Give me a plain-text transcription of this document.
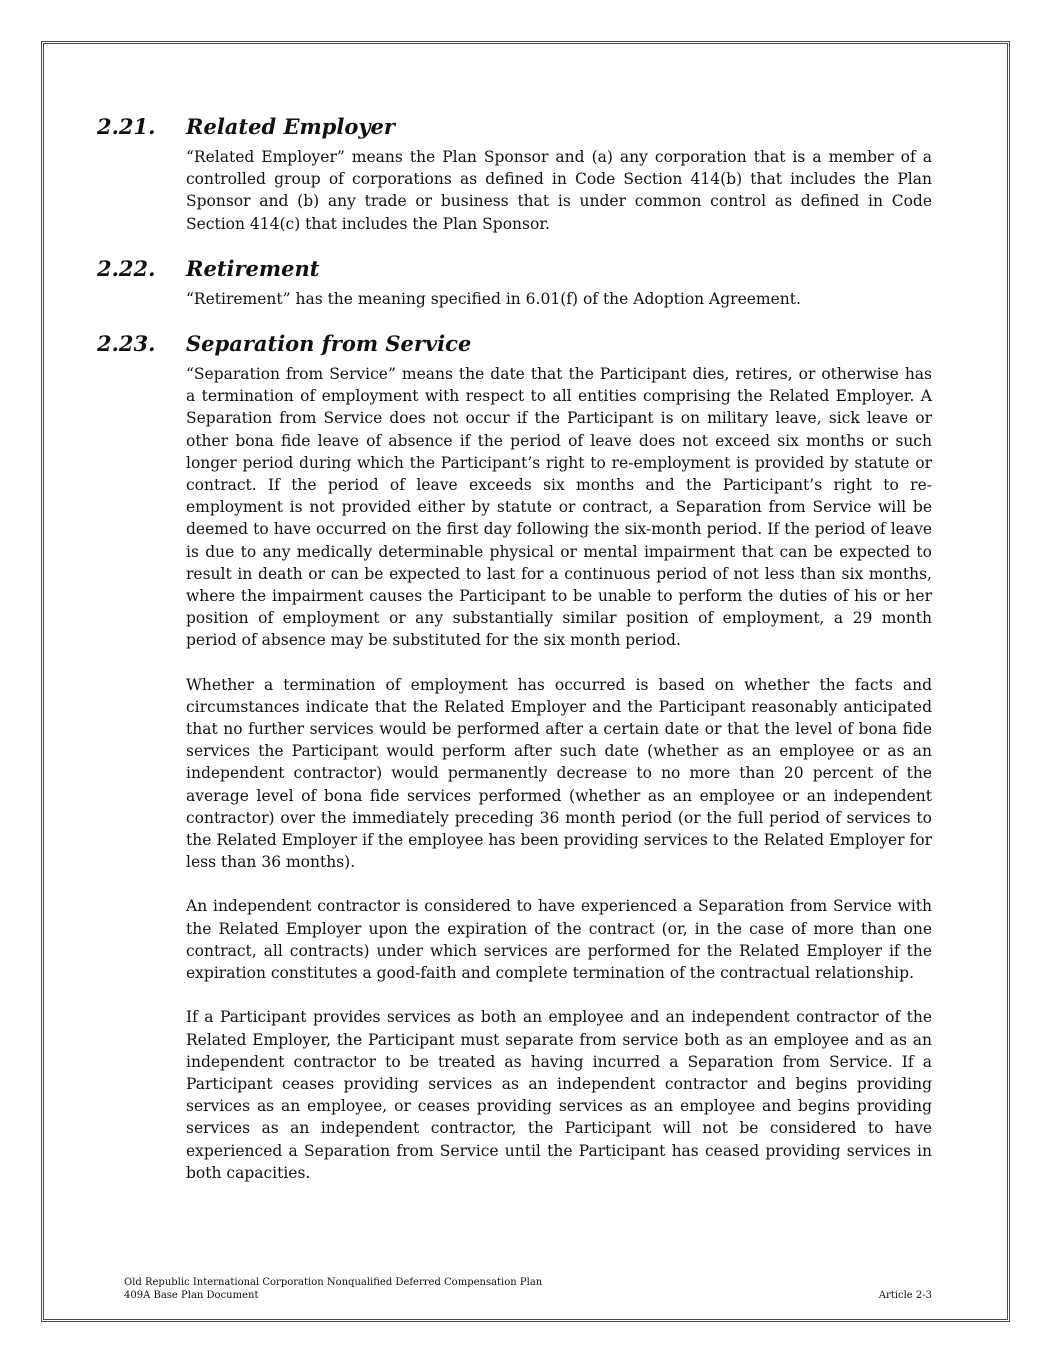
2.21.	Related Employer

“Related Employer” means the Plan Sponsor and (a) any corporation that is a member of a controlled group of corporations as defined in Code Section 414(b) that includes the Plan Sponsor and (b) any trade or business that is under common control as defined in Code Section 414(c) that includes the Plan Sponsor.

2.22.	Retirement

“Retirement” has the meaning specified in 6.01(f) of the Adoption Agreement.

2.23.	Separation from Service

“Separation from Service” means the date that the Participant dies, retires, or otherwise has a termination of employment with respect to all entities comprising the Related Employer. A Separation from Service does not occur if the Participant is on military leave, sick leave or other bona fide leave of absence if the period of leave does not exceed six months or such longer period during which the Participant’s right to re-employment is provided by statute or contract. If the period of leave exceeds six months and the Participant’s right to re-employment is not provided either by statute or contract, a Separation from Service will be deemed to have occurred on the first day following the six-month period. If the period of leave is due to any medically determinable physical or mental impairment that can be expected to result in death or can be expected to last for a continuous period of not less than six months, where the impairment causes the Participant to be unable to perform the duties of his or her position of employment or any substantially similar position of employment, a 29 month period of absence may be substituted for the six month period.

Whether a termination of employment has occurred is based on whether the facts and circumstances indicate that the Related Employer and the Participant reasonably anticipated that no further services would be performed after a certain date or that the level of bona fide services the Participant would perform after such date (whether as an employee or as an independent contractor) would permanently decrease to no more than 20 percent of the average level of bona fide services performed (whether as an employee or an independent contractor) over the immediately preceding 36 month period (or the full period of services to the Related Employer if the employee has been providing services to the Related Employer for less than 36 months).

An independent contractor is considered to have experienced a Separation from Service with the Related Employer upon the expiration of the contract (or, in the case of more than one contract, all contracts) under which services are performed for the Related Employer if the expiration constitutes a good-faith and complete termination of the contractual relationship.

If a Participant provides services as both an employee and an independent contractor of the Related Employer, the Participant must separate from service both as an employee and as an independent contractor to be treated as having incurred a Separation from Service. If a Participant ceases providing services as an independent contractor and begins providing services as an employee, or ceases providing services as an employee and begins providing services as an independent contractor, the Participant will not be considered to have experienced a Separation from Service until the Participant has ceased providing services in both capacities.

Old Republic International Corporation Nonqualified Deferred Compensation Plan
409A Base Plan Document	Article 2-3
